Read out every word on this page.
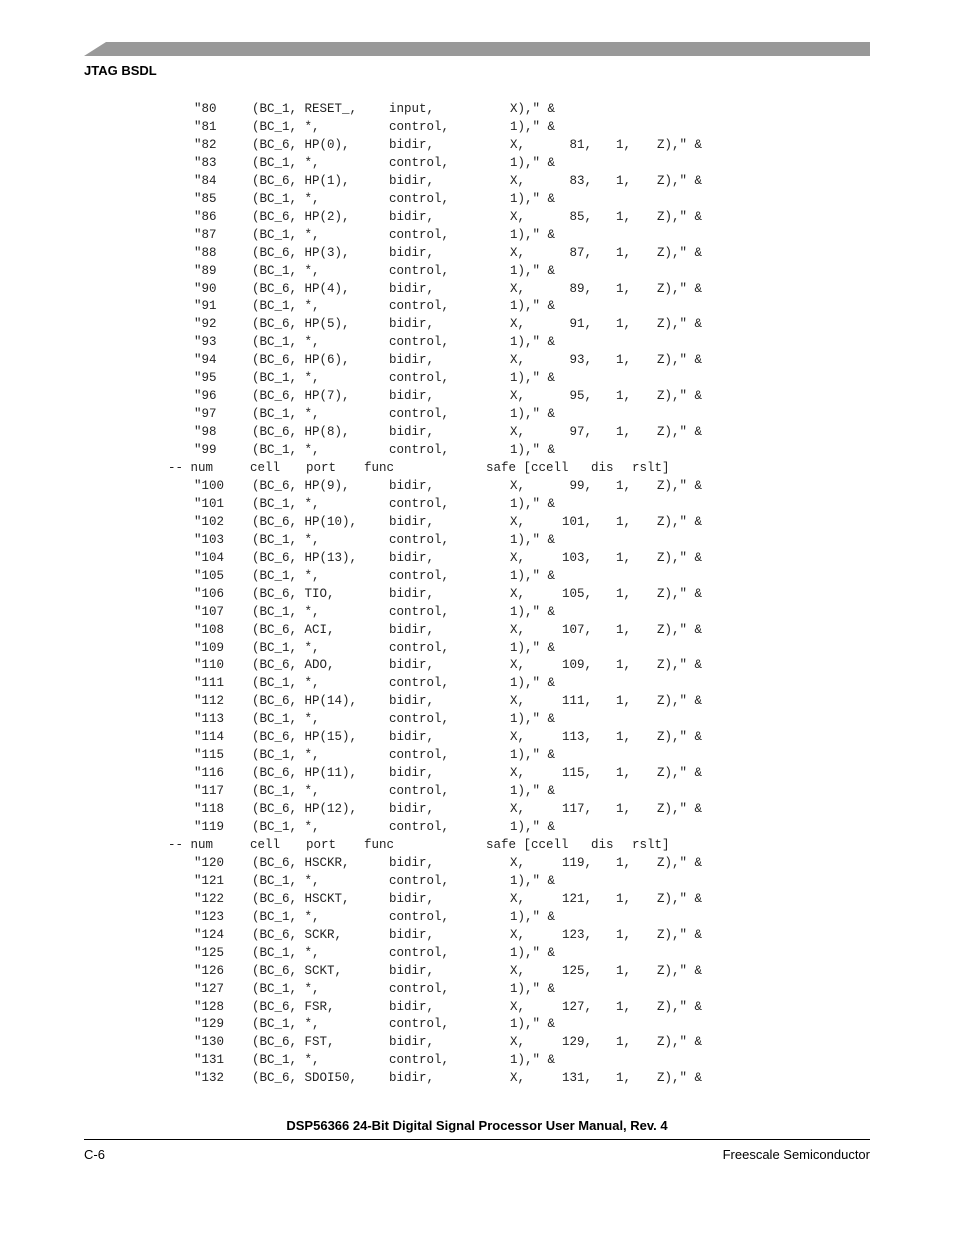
JTAG BSDL
"80	(BC_1, RESET_,	input,	X)," &
"81	(BC_1, *,	control,	1)," &
"82	(BC_6, HP(0),	bidir,	X,	81, 1, Z)," &
"83	(BC_1, *,	control,	1)," &
"84	(BC_6, HP(1),	bidir,	X,	83, 1, Z)," &
"85	(BC_1, *,	control,	1)," &
"86	(BC_6, HP(2),	bidir,	X,	85, 1, Z)," &
"87	(BC_1, *,	control,	1)," &
"88	(BC_6, HP(3),	bidir,	X,	87, 1, Z)," &
"89	(BC_1, *,	control,	1)," &
"90	(BC_6, HP(4),	bidir,	X,	89, 1, Z)," &
"91	(BC_1, *,	control,	1)," &
"92	(BC_6, HP(5),	bidir,	X,	91, 1, Z)," &
"93	(BC_1, *,	control,	1)," &
"94	(BC_6, HP(6),	bidir,	X,	93, 1, Z)," &
"95	(BC_1, *,	control,	1)," &
"96	(BC_6, HP(7),	bidir,	X,	95, 1, Z)," &
"97	(BC_1, *,	control,	1)," &
"98	(BC_6, HP(8),	bidir,	X,	97, 1, Z)," &
"99	(BC_1, *,	control,	1)," &
-- num	cell port func	safe [ccell dis rslt]
"100 (BC_6, HP(9),	bidir,	X,	99, 1, Z)," &
"101 (BC_1, *,	control,	1)," &
"102 (BC_6, HP(10),	bidir,	X,	101, 1, Z)," &
"103 (BC_1, *,	control,	1)," &
"104 (BC_6, HP(13),	bidir,	X,	103, 1, Z)," &
"105 (BC_1, *,	control,	1)," &
"106 (BC_6, TIO,	bidir,	X,	105, 1, Z)," &
"107 (BC_1, *,	control,	1)," &
"108 (BC_6, ACI,	bidir,	X,	107, 1, Z)," &
"109 (BC_1, *,	control,	1)," &
"110 (BC_6, ADO,	bidir,	X,	109, 1, Z)," &
"111 (BC_1, *,	control,	1)," &
"112 (BC_6, HP(14),	bidir,	X,	111, 1, Z)," &
"113 (BC_1, *,	control,	1)," &
"114 (BC_6, HP(15),	bidir,	X,	113, 1, Z)," &
"115 (BC_1, *,	control,	1)," &
"116 (BC_6, HP(11),	bidir,	X,	115, 1, Z)," &
"117 (BC_1, *,	control,	1)," &
"118 (BC_6, HP(12),	bidir,	X,	117, 1, Z)," &
"119 (BC_1, *,	control,	1)," &
-- num	cell port func	safe [ccell dis rslt]
"120 (BC_6, HSCKR,	bidir,	X,	119, 1, Z)," &
"121 (BC_1, *,	control,	1)," &
"122 (BC_6, HSCKT,	bidir,	X,	121, 1, Z)," &
"123 (BC_1, *,	control,	1)," &
"124 (BC_6, SCKR,	bidir,	X,	123, 1, Z)," &
"125 (BC_1, *,	control,	1)," &
"126 (BC_6, SCKT,	bidir,	X,	125, 1, Z)," &
"127 (BC_1, *,	control,	1)," &
"128 (BC_6, FSR,	bidir,	X,	127, 1, Z)," &
"129 (BC_1, *,	control,	1)," &
"130 (BC_6, FST,	bidir,	X,	129, 1, Z)," &
"131 (BC_1, *,	control,	1)," &
"132 (BC_6, SDOI50,	bidir,	X,	131, 1, Z)," &
DSP56366 24-Bit Digital Signal Processor User Manual, Rev. 4
C-6	Freescale Semiconductor
